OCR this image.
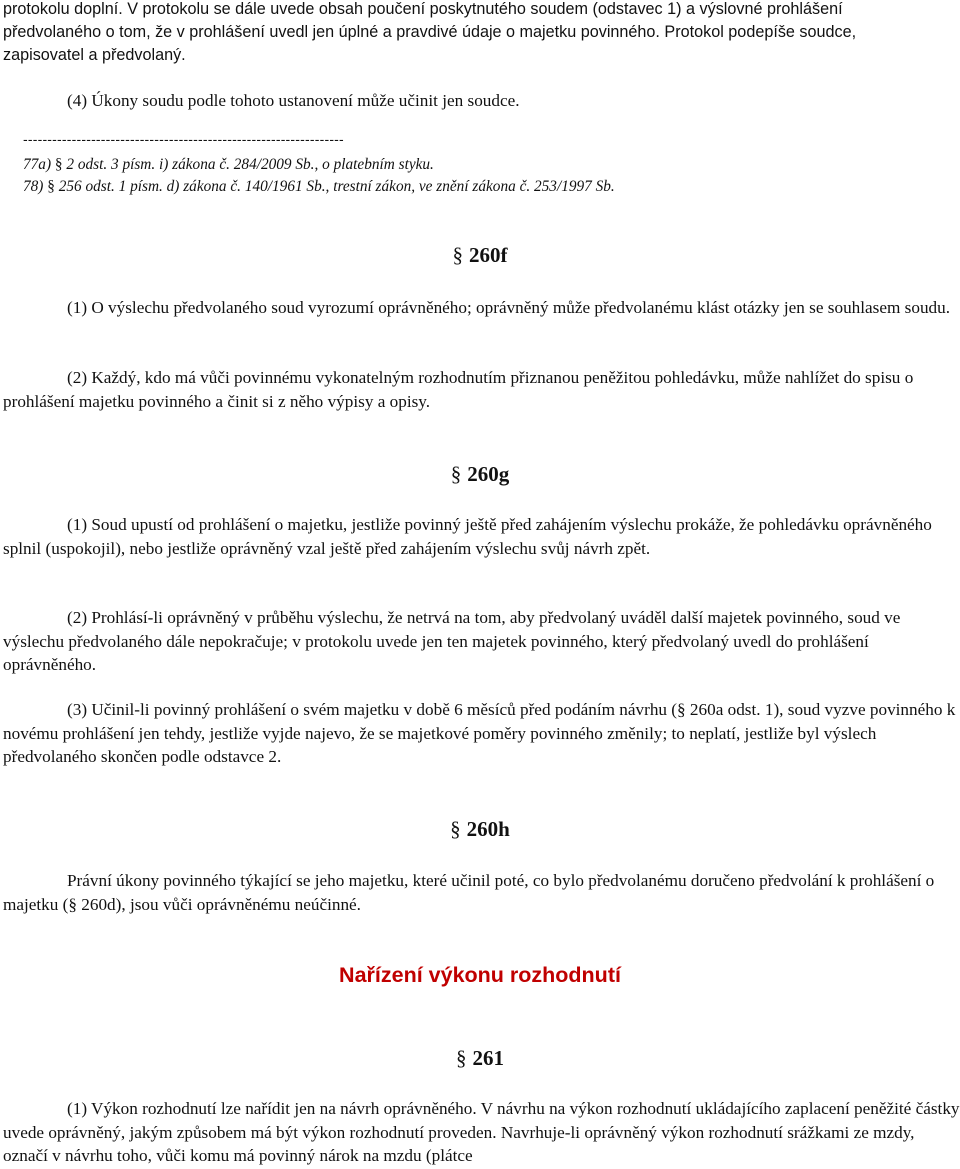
protokolu doplní. V protokolu se dále uvede obsah poučení poskytnutého soudem (odstavec 1) a výslovné prohlášení
předvolaného o tom, že v prohlášení uvedl jen úplné a pravdivé údaje o majetku povinného. Protokol podepíše soudce,
zapisovatel a předvolaný.

(4) Úkony soudu podle tohoto ustanovení může učinit jen soudce.

------------------------------------------------------------------

77a) § 2 odst. 3 písm. i) zákona č. 284/2009 Sb., o platebním styku.

78) § 256 odst. 1 písm. d) zákona č. 140/1961 Sb., trestní zákon, ve znění zákona č. 253/1997 Sb.

§ 260f

(1) O výslechu předvolaného soud vyrozumí oprávněného; oprávněný může předvolanému klást otázky jen se souhlasem soudu.

(2) Každý, kdo má vůči povinnému vykonatelným rozhodnutím přiznanou peněžitou pohledávku, může nahlížet do spisu o prohlášení majetku povinného a činit si z něho výpisy a opisy.

§ 260g

(1) Soud upustí od prohlášení o majetku, jestliže povinný ještě před zahájením výslechu prokáže, že pohledávku oprávněného splnil (uspokojil), nebo jestliže oprávněný vzal ještě před zahájením výslechu svůj návrh zpět.

(2) Prohlásí-li oprávněný v průběhu výslechu, že netrvá na tom, aby předvolaný uváděl další majetek povinného, soud ve výslechu předvolaného dále nepokračuje; v protokolu uvede jen ten majetek povinného, který předvolaný uvedl do prohlášení oprávněného.

(3) Učinil-li povinný prohlášení o svém majetku v době 6 měsíců před podáním návrhu (§ 260a odst. 1), soud vyzve povinného k novému prohlášení jen tehdy, jestliže vyjde najevo, že se majetkové poměry povinného změnily; to neplatí, jestliže byl výslech předvolaného skončen podle odstavce 2.

§ 260h

Právní úkony povinného týkající se jeho majetku, které učinil poté, co bylo předvolanému doručeno předvolání k prohlášení o majetku (§ 260d), jsou vůči oprávněnému neúčinné.

Nařízení výkonu rozhodnutí
§ 261

(1) Výkon rozhodnutí lze nařídit jen na návrh oprávněného. V návrhu na výkon rozhodnutí ukládajícího zaplacení peněžité částky uvede oprávněný, jakým způsobem má být výkon rozhodnutí proveden. Navrhuje-li oprávněný výkon rozhodnutí srážkami ze mzdy, označí v návrhu toho, vůči komu má povinný nárok na mzdu (plátce
